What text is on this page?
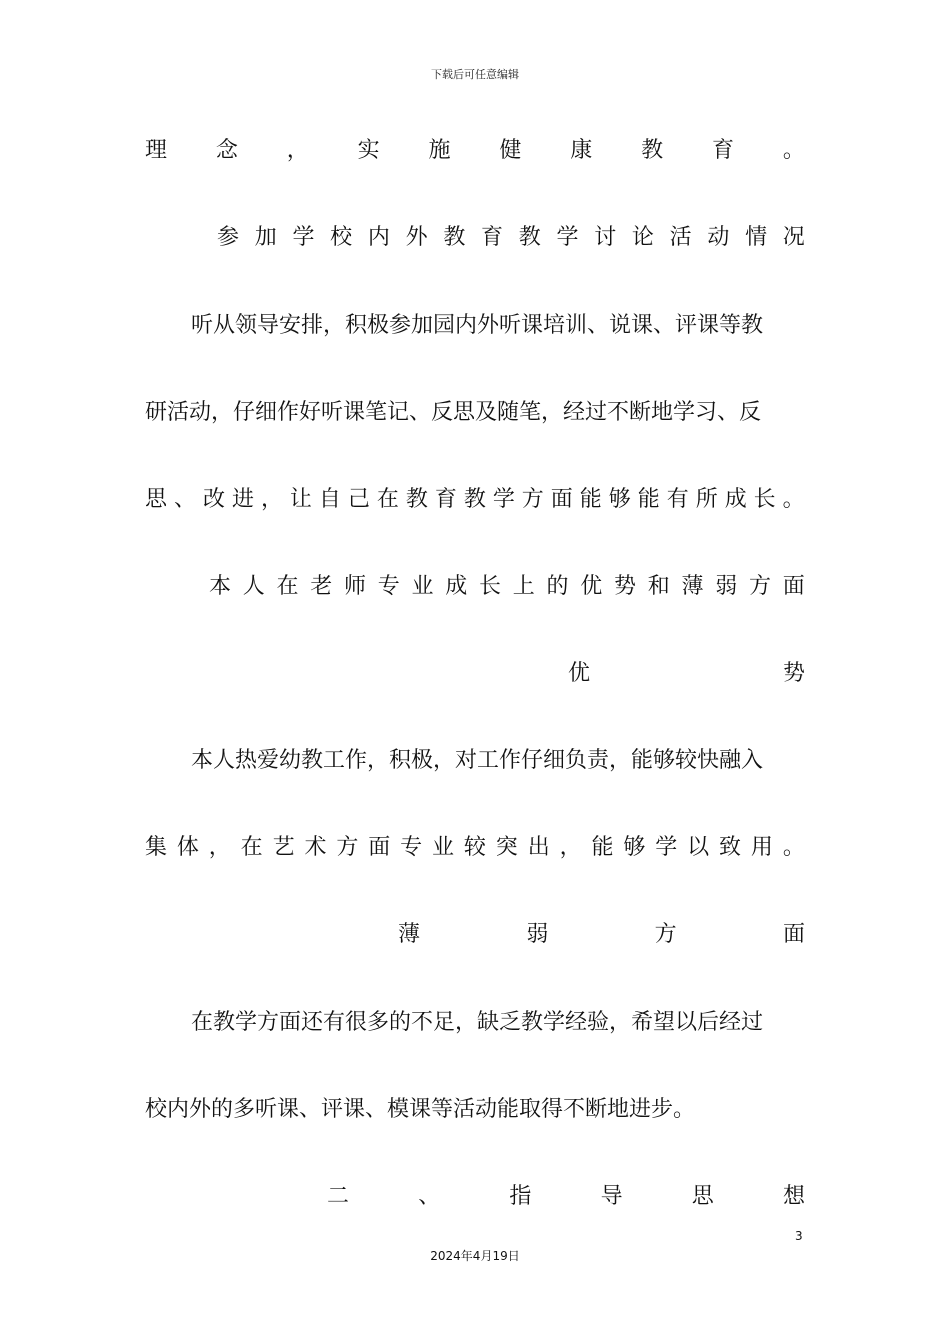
下载后可任意编辑
理 念 ， 实 施 健 康 教 育 。
参 加 学 校 内 外 教 育 教 学 讨 论 活 动 情 况
听从领导安排，积极参加园内外听课培训、说课、评课等教
研活动，仔细作好听课笔记、反思及随笔，经过不断地学习、反
思 、 改 进 ， 让 自 己 在 教 育 教 学 方 面 能 够 能 有 所 成 长 。
本 人 在 老 师 专 业 成 长 上 的 优 势 和 薄 弱 方 面
优	势
本人热爱幼教工作，积极，对工作仔细负责，能够较快融入
集 体 ， 在 艺 术 方 面 专 业 较 突 出 ， 能 够 学 以 致 用 。
薄	弱	方	面
在教学方面还有很多的不足，缺乏教学经验，希望以后经过
校内外的多听课、评课、模课等活动能取得不断地进步。
二	、	指	导	思	想
3
2024年4月19日
